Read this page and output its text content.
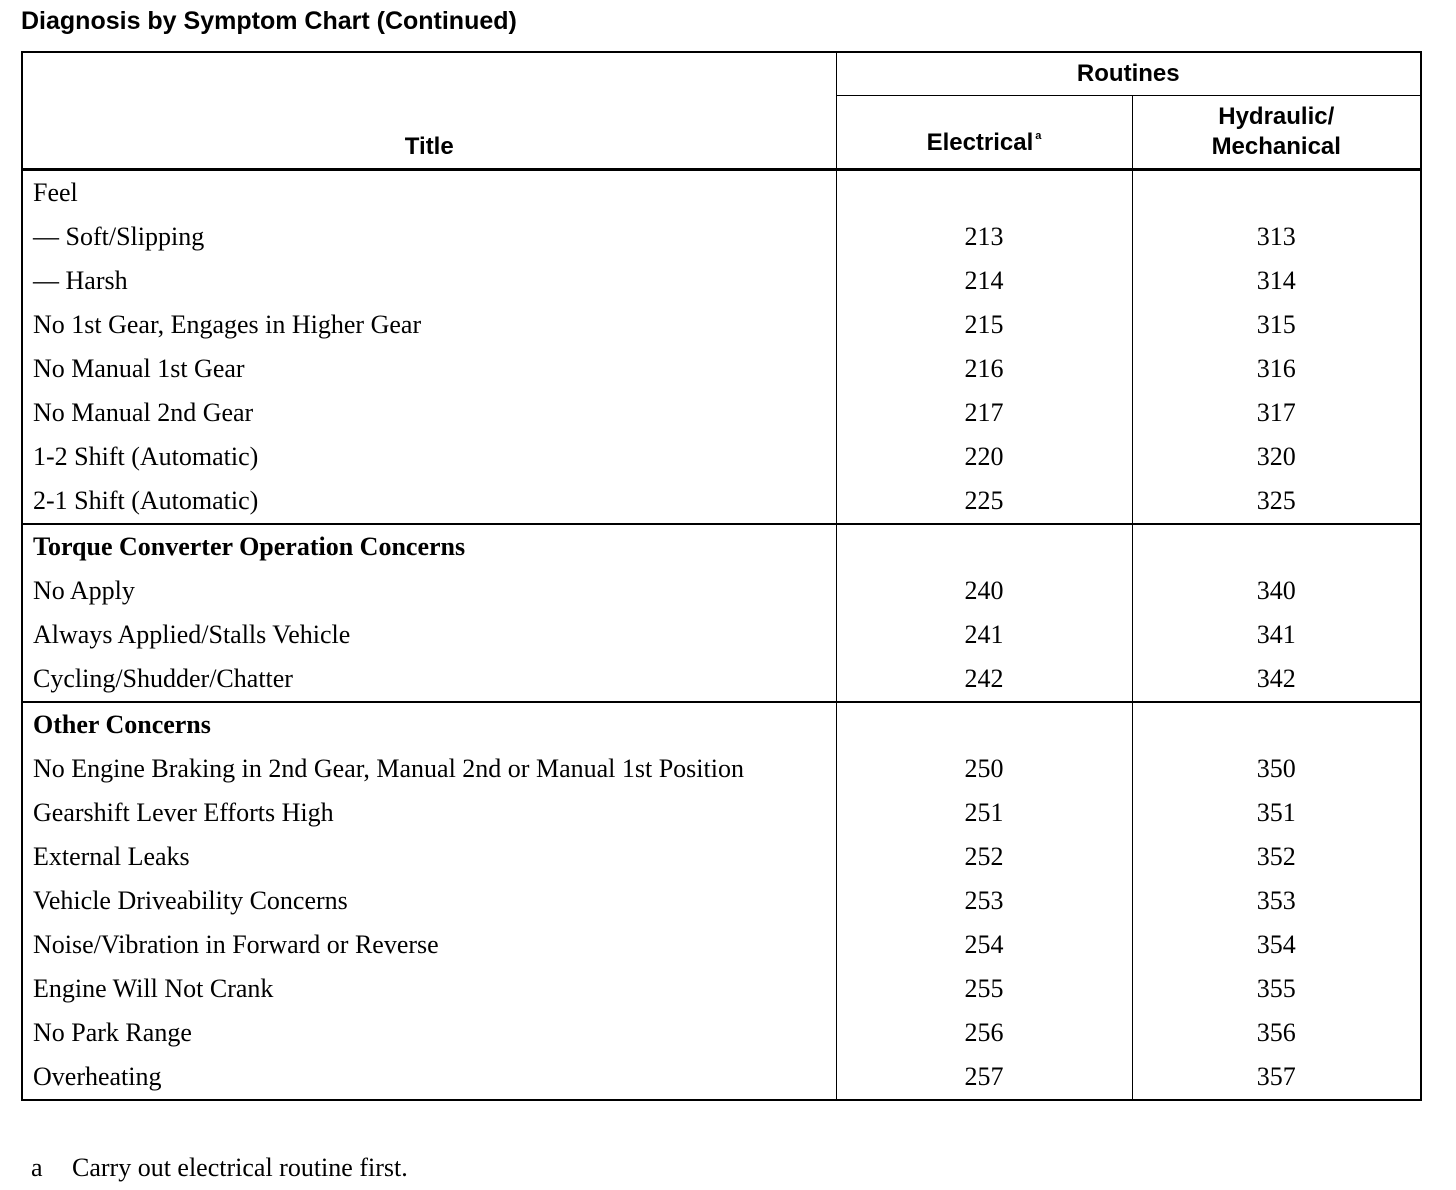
Diagnosis by Symptom Chart (Continued)
Title	Routines	
	Electrical $^a$	Hydraulic/
Mechanical
Feel		
— Soft/Slipping	213	313
— Harsh	214	314
No 1st Gear, Engages in Higher Gear	215	315
No Manual 1st Gear	216	316
No Manual 2nd Gear	217	317
1-2 Shift (Automatic)	220	320
2-1 Shift (Automatic)	225	325
Torque Converter Operation Concerns		
No Apply	240	340
Always Applied/Stalls Vehicle	241	341
Cycling/Shudder/Chatter	242	342
Other Concerns		
No Engine Braking in 2nd Gear, Manual 2nd or Manual 1st Position	250	350
Gearshift Lever Efforts High	251	351
External Leaks	252	352
Vehicle Driveability Concerns	253	353
Noise/Vibration in Forward or Reverse	254	354
Engine Will Not Crank	255	355
No Park Range	256	356
Overheating	257	357
a Carry out electrical routine first.
